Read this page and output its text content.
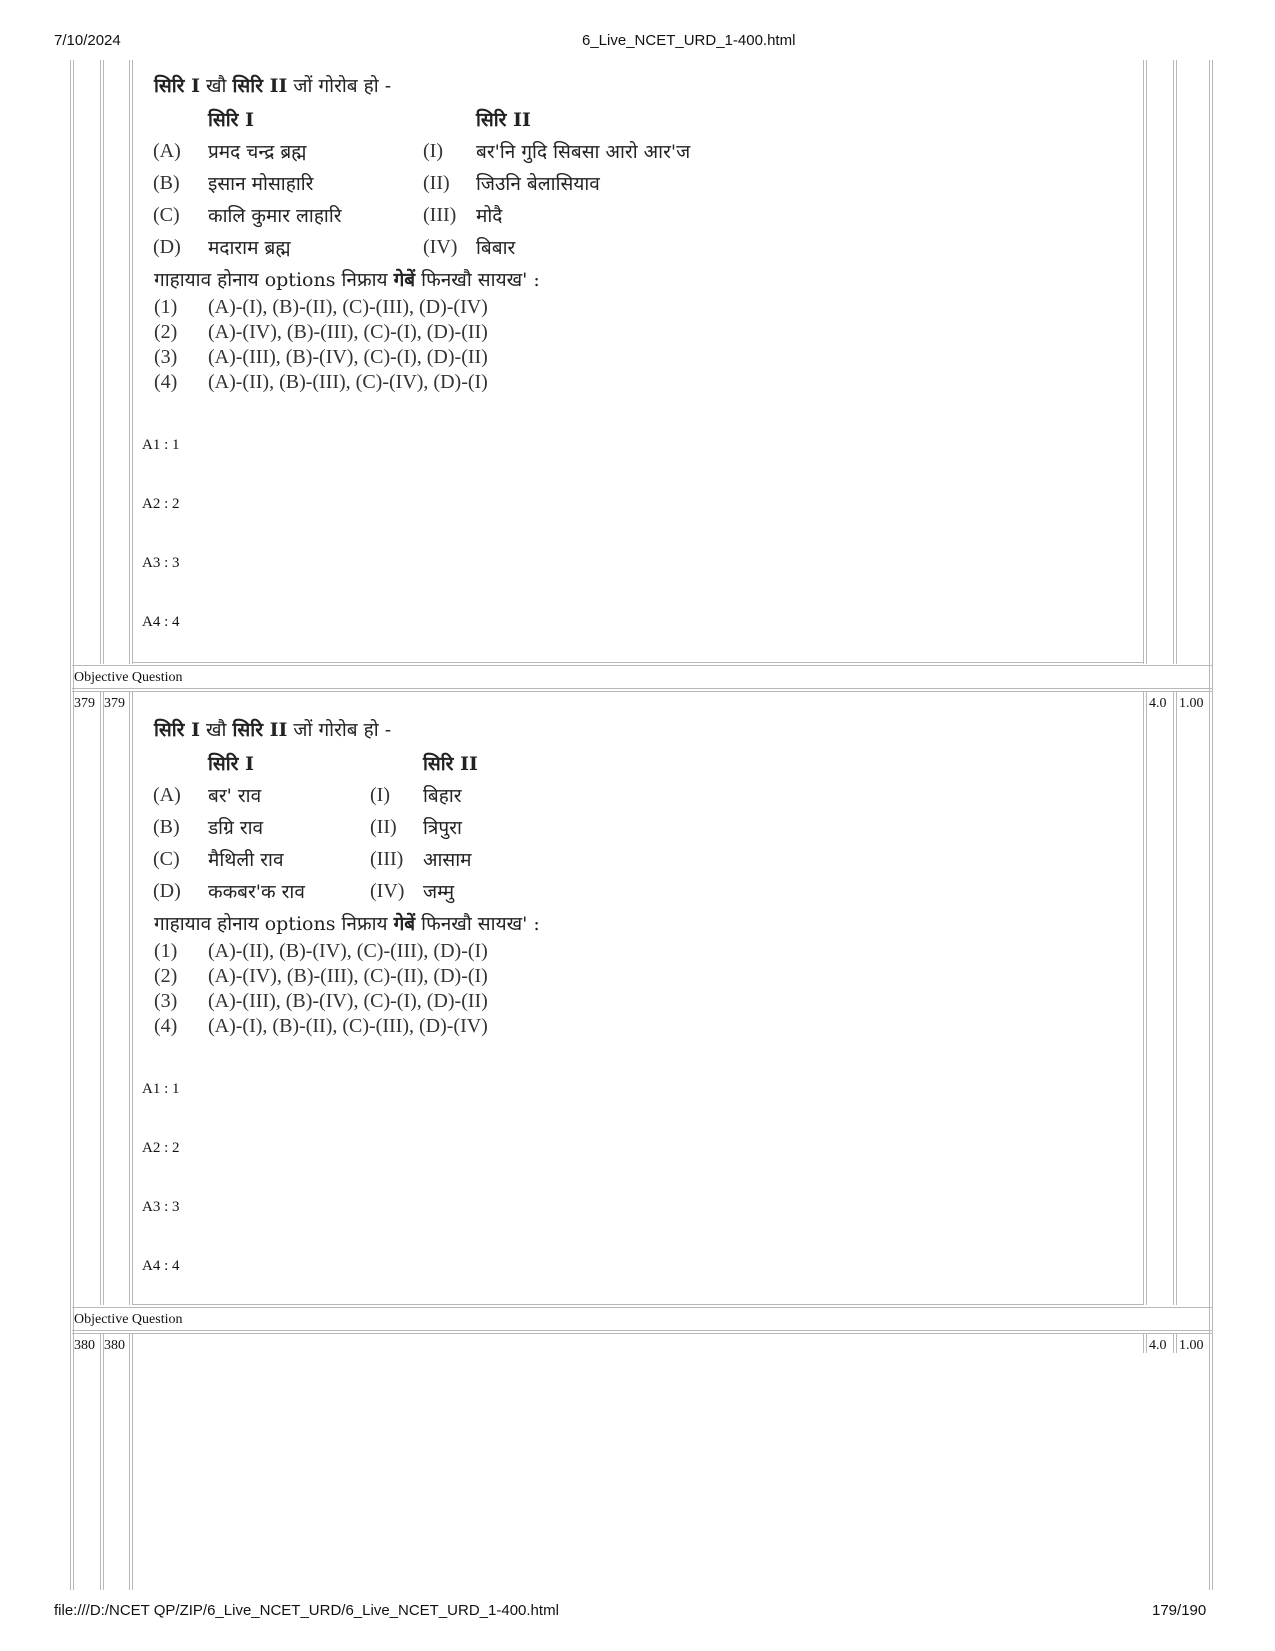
7/10/2024	6_Live_NCET_URD_1-400.html
file:///D:/NCET QP/ZIP/6_Live_NCET_URD/6_Live_NCET_URD_1-400.html	179/190
सिरि I खौ सिरि II जों गोरोब हो -
सिरि I	सिरि II
(A) प्रमद चन्द्र ब्रह्म	(I) बर'नि गुदि सिबसा आरो आर'ज
(B) इसान मोसाहारि	(II) जिउनि बेलासियाव
(C) कालि कुमार लाहारि	(III) मोदै
(D) मदाराम ब्रह्म	(IV) बिबार
गाहायाव होनाय options निफ्राय गेबें फिनखौ सायख' :
(1) (A)-(I), (B)-(II), (C)-(III), (D)-(IV)
(2) (A)-(IV), (B)-(III), (C)-(I), (D)-(II)
(3) (A)-(III), (B)-(IV), (C)-(I), (D)-(II)
(4) (A)-(II), (B)-(III), (C)-(IV), (D)-(I)
A1 : 1
A2 : 2
A3 : 3
A4 : 4
Objective Question
379 379	4.0 1.00
सिरि I खौ सिरि II जों गोरोब हो -
सिरि I	सिरि II
(A) बर' राव	(I) बिहार
(B) डग्रि राव	(II) त्रिपुरा
(C) मैथिली राव	(III) आसाम
(D) ककबर'क राव	(IV) जम्मु
गाहायाव होनाय options निफ्राय गेबें फिनखौ सायख' :
(1) (A)-(II), (B)-(IV), (C)-(III), (D)-(I)
(2) (A)-(IV), (B)-(III), (C)-(II), (D)-(I)
(3) (A)-(III), (B)-(IV), (C)-(I), (D)-(II)
(4) (A)-(I), (B)-(II), (C)-(III), (D)-(IV)
A1 : 1
A2 : 2
A3 : 3
A4 : 4
Objective Question
380 380	4.0 1.00
